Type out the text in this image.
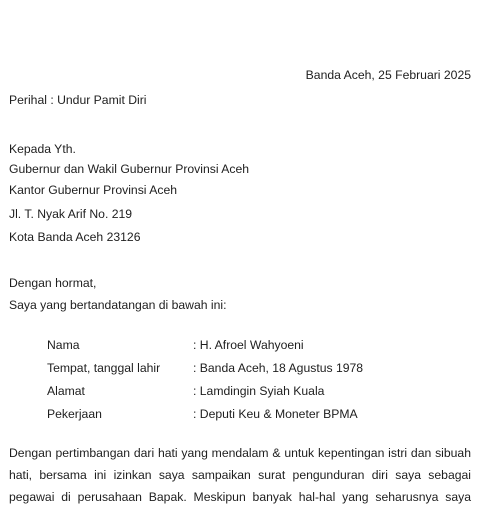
Banda Aceh, 25 Februari 2025
Perihal : Undur Pamit Diri
Kepada Yth.
Gubernur dan Wakil Gubernur Provinsi Aceh
Kantor Gubernur Provinsi Aceh
Jl. T. Nyak Arif No. 219
Kota Banda Aceh 23126
Dengan hormat,
Saya yang bertandatangan di bawah ini:
Nama	: H. Afroel Wahyoeni
Tempat, tanggal lahir	: Banda Aceh, 18 Agustus 1978
Alamat	: Lamdingin Syiah Kuala
Pekerjaan	: Deputi Keu & Moneter BPMA
Dengan pertimbangan dari hati yang mendalam & untuk kepentingan istri dan sibuah
hati, bersama ini izinkan saya sampaikan surat pengunduran diri saya sebagai
pegawai di perusahaan Bapak. Meskipun banyak hal-hal yang seharusnya saya
